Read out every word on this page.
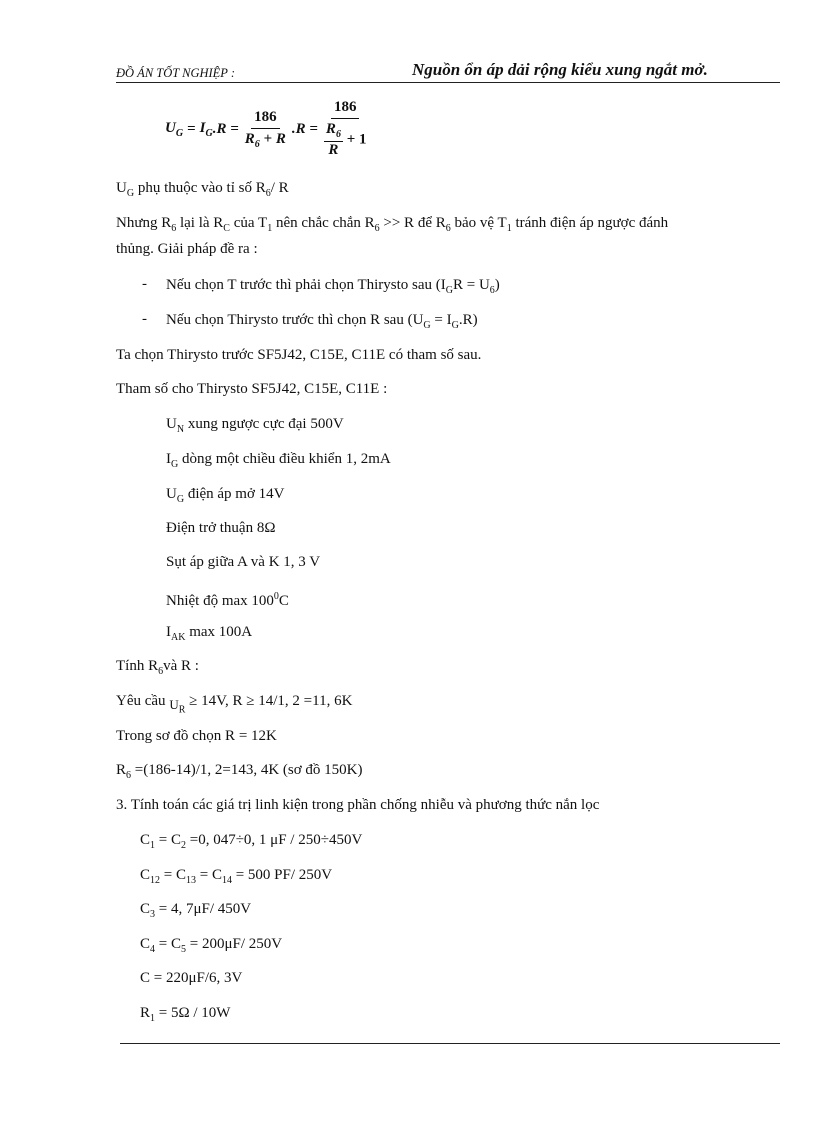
ĐỒ ÁN TỐT NGHIỆP :	Nguồn ổn áp dải rộng kiểu xung ngắt mở.
$U_G = I_G$ $.R = \frac{186}{R_6 + R} .R = \frac{186}{\frac{R_6}{R} + 1}$
$U_G$ phụ thuộc vào tỉ số $R_6/$ R
Nhưng $R_6$ lại là $R_C$ của $T_1$ nên chắc chắn $R_6 >> R$ để $R_6$ bảo vệ $T_1$ tránh điện áp ngược đánh
thủng. Giải pháp đề ra :
- Nếu chọn T trước thì phải chọn Thirysto sau $(I_GR = U_6)$
- Nếu chọn Thirysto trước thì chọn R sau $(U_G = I_G.R)$
Ta chọn Thirysto trước SF5J42, C15E, C11E có tham số sau.
Tham số cho Thirysto SF5J42, C15E, C11E :
$U_N$ xung ngược cực đại 500V
$I_G$ dòng một chiều điều khiển 1, 2mA
$U_G$ điện áp mở 14V
Điện trở thuận 8Ω
Sụt áp giữa A và K 1, 3 V
Nhiệt độ $\max 100^0C$
$I_{AK}$ max 100A
Tính $R_6và$ R :
Yêu cầu $U_R \ge 14V$, R ≥ 14/1, 2 =11, 6K
Trong sơ đồ chọn R = 12K
$R_6 =(186-14)/1$, 2=143, 4K (sơ đồ 150K)
3. Tính toán các giá trị linh kiện trong phần chống nhiễu và phương thức nắn lọc
$C_1 = C_2 =0$, 047÷0, 1 μF / 250÷450V
$C_{12} = C_{13} = C_{14} = 500$ PF/ 250V
$C_3 = 4$, 7μF/ 450V
$C_4 = C_5 = 200\mu F/$ 250V
C = 220μF/6, 3V
$R_1 = 5\Omega / 10W$
